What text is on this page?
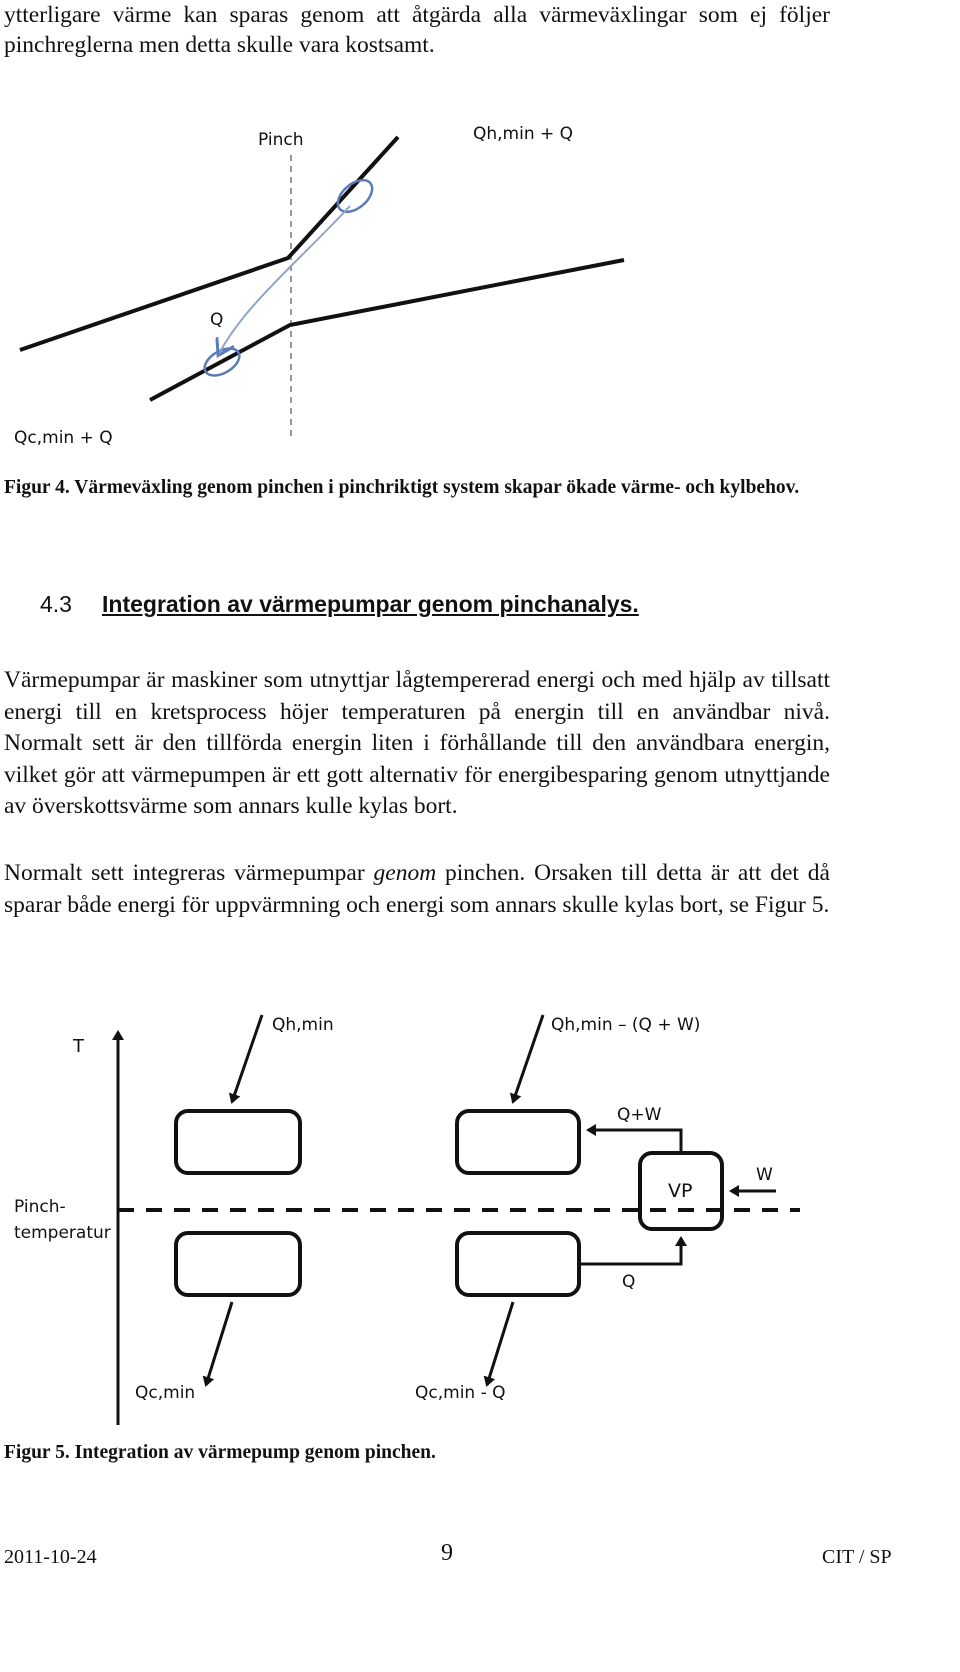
ytterligare värme kan sparas genom att åtgärda alla värmeväxlingar som ej följer pinchreglerna men detta skulle vara kostsamt.
Pinch	Qh,min + Q
Q
Qc,min + Q
Figur 4. Värmeväxling genom pinchen i pinchriktigt system skapar ökade värme- och kylbehov.
4.3 Integration av värmepumpar genom pinchanalys.
Värmepumpar är maskiner som utnyttjar lågtempererad energi och med hjälp av tillsatt energi till en kretsprocess höjer temperaturen på energin till en användbar nivå. Normalt sett är den tillförda energin liten i förhållande till den användbara energin, vilket gör att värmepumpen är ett gott alternativ för energibesparing genom utnyttjande av överskottsvärme som annars kulle kylas bort.
Normalt sett integreras värmepumpar genom pinchen. Orsaken till detta är att det då sparar både energi för uppvärmning och energi som annars skulle kylas bort, se Figur 5.
T
Pinch-
temperatur
Qh,min	Qh,min – (Q + W)
Q+W
VP
W
Q
Qc,min	Qc,min - Q
Figur 5. Integration av värmepump genom pinchen.
2011-10-24	9	CIT / SP
